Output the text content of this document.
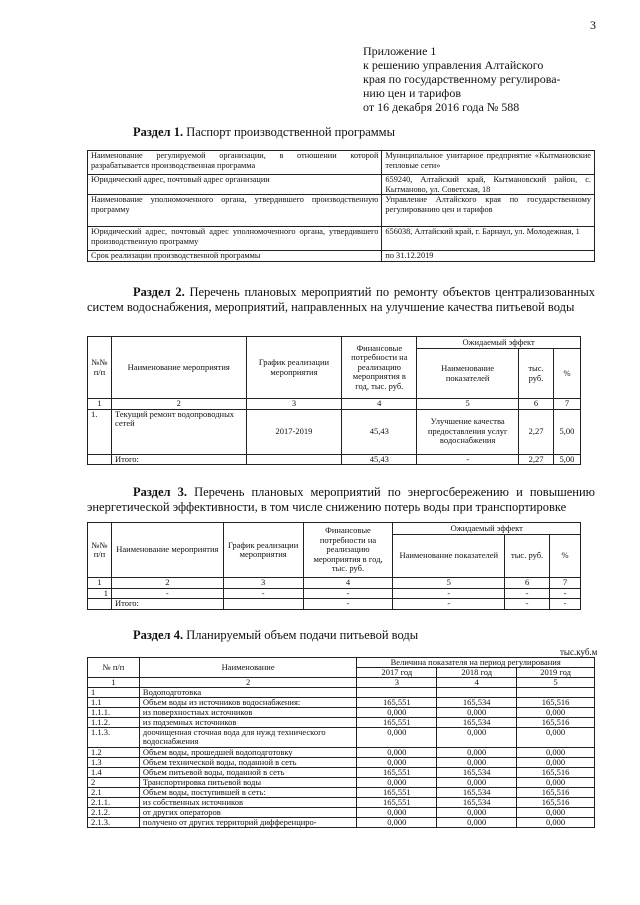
3
Приложение 1
к решению управления Алтайского
края по государственному регулирова-
нию цен и тарифов
от 16 декабря 2016 года № 588
Раздел 1. Паспорт производственной программы
Наименование регулируемой организации, в отношении которой разрабатывается производственная программа	Муниципальное унитарное предприятие «Кытмановские тепловые сети»
Юридический адрес, почтовый адрес организации	659240, Алтайский край, Кытмановский район, с. Кытманово, ул. Советская, 18
Наименование уполномоченного органа, утвердившего производственную программу	Управление Алтайского края по государственному регулированию цен и тарифов
Юридический адрес, почтовый адрес уполномоченного органа, утвердившего производственную программу	656038, Алтайский край, г. Барнаул, ул. Молодежная, 1
Срок реализации производственной программы	по 31.12.2019
Раздел 2. Перечень плановых мероприятий по ремонту объектов централизованных систем водоснабжения, мероприятий, направленных на улучшение качества питьевой воды
№№ п/п	Наименование мероприятия	График реализации мероприятия	Финансовые потребности на реализацию мероприятия в год, тыс. руб.	Ожидаемый эффект		
				Наименование показателей	тыс. руб.	%
1	2	3	4	5	6	7
1.	Текущий ремонт водопроводных сетей	2017-2019	45,43	Улучшение качества предоставления услуг водоснабжения	2,27	5,00
	Итого:		45,43	-	2,27	5,00
Раздел 3. Перечень плановых мероприятий по энергосбережению и повышению энергетической эффективности, в том числе снижению потерь воды при транспортировке
№№ п/п	Наименование мероприятия	График реализации мероприятия	Финансовые потребности на реализацию мероприятия в год, тыс. руб.	Ожидаемый эффект		
				Наименование показателей	тыс. руб.	%
1	2	3	4	5	6	7
1	-	-	-	-	-	-
	Итого:		-	-	-	-
Раздел 4. Планируемый объем подачи питьевой воды
тыс.куб.м
№ п/п	Наименование	Величина показателя на период регулирования		
		2017 год	2018 год	2019 год
1	2	3	4	5
1	Водоподготовка			
1.1	Объем воды из источников водоснабжения:	165,551	165,534	165,516
1.1.1.	из поверхностных источников	0,000	0,000	0,000
1.1.2.	из подземных источников	165,551	165,534	165,516
1.1.3.	доочищенная сточная вода для нужд технического водоснабжения	0,000	0,000	0,000
1.2	Объем воды, прошедшей водоподготовку	0,000	0,000	0,000
1.3	Объем технической воды, поданной в сеть	0,000	0,000	0,000
1.4	Объем питьевой воды, поданной в сеть	165,551	165,534	165,516
2	Транспортировка питьевой воды	0,000	0,000	0,000
2.1	Объем воды, поступившей в сеть:	165,551	165,534	165,516
2.1.1.	из собственных источников	165,551	165,534	165,516
2.1.2.	от других операторов	0,000	0,000	0,000
2.1.3.	получено от других территорий дифференциро-	0,000	0,000	0,000
